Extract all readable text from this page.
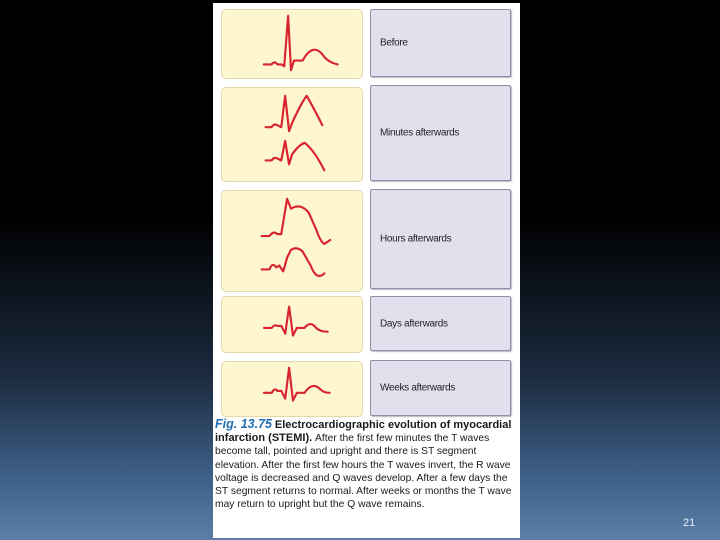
Before
Minutes afterwards
Hours afterwards
Days afterwards
Weeks afterwards
Fig. 13.75 Electrocardiographic evolution of myocardial infarction (STEMI). After the first few minutes the T waves become tall, pointed and upright and there is ST segment elevation. After the first few hours the T waves invert, the R wave voltage is decreased and Q waves develop. After a few days the ST segment returns to normal. After weeks or months the T wave may return to upright but the Q wave remains.
21
